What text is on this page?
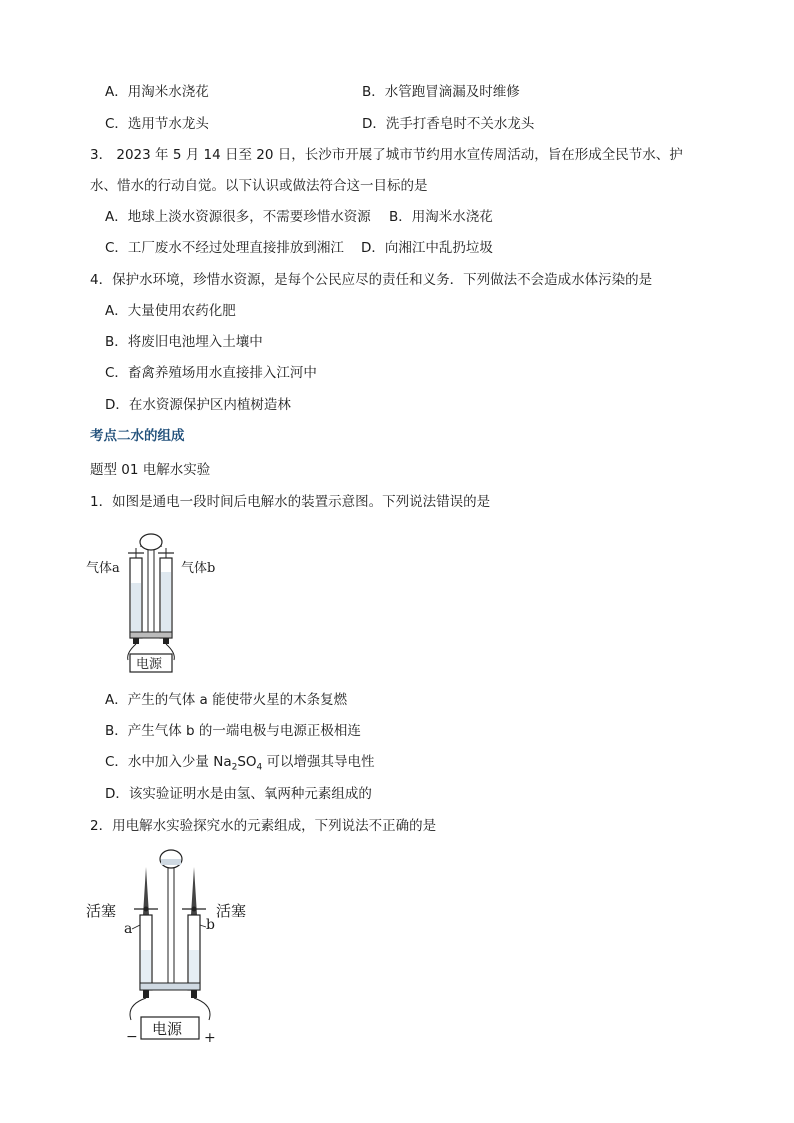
A．用淘米水浇花	B．水管跑冒滴漏及时维修
C．选用节水龙头	D．洗手打香皂时不关水龙头
3． 2023 年 5 月 14 日至 20 日，长沙市开展了城市节约用水宣传周活动，旨在形成全民节水、护
水、惜水的行动自觉。以下认识或做法符合这一目标的是
A．地球上淡水资源很多，不需要珍惜水资源 B．用淘米水浇花
C．工厂废水不经过处理直接排放到湘江 D．向湘江中乱扔垃圾
4．保护水环境，珍惜水资源，是每个公民应尽的责任和义务．下列做法不会造成水体污染的是
A．大量使用农药化肥
B．将废旧电池埋入土壤中
C．畜禽养殖场用水直接排入江河中
D．在水资源保护区内植树造林
考点二水的组成
题型 01 电解水实验
1．如图是通电一段时间后电解水的装置示意图。下列说法错误的是
电源
气体a	气体b
A．产生的气体 a 能使带火星的木条复燃
B．产生气体 b 的一端电极与电源正极相连
C．水中加入少量 $Na_2SO_4$ 可以增强其导电性
D．该实验证明水是由氢、氧两种元素组成的
2．用电解水实验探究水的元素组成，下列说法不正确的是
电源
−	+
活塞	活塞
a	b
